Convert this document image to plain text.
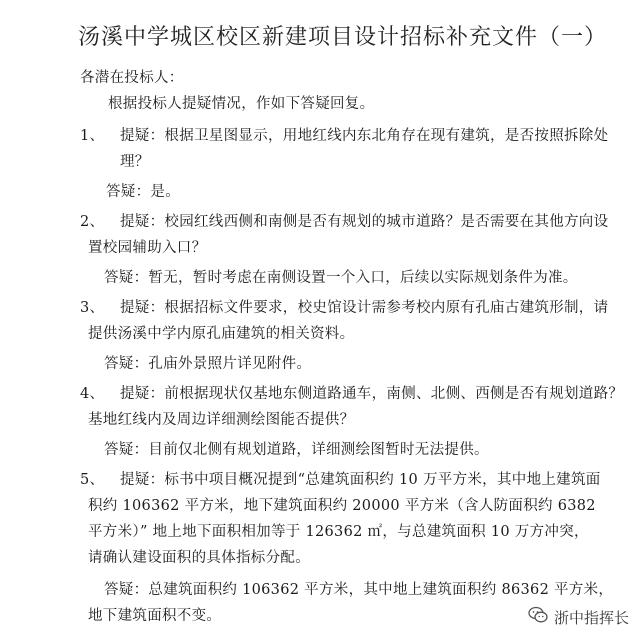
汤溪中学城区校区新建项目设计招标补充文件（一）
各潜在投标人：
根据投标人提疑情况，作如下答疑回复。
1、 提疑：根据卫星图显示，用地红线内东北角存在现有建筑，是否按照拆除处
理？
答疑：是。
2、 提疑：校园红线西侧和南侧是否有规划的城市道路？是否需要在其他方向设
置校园辅助入口？
答疑：暂无，暂时考虑在南侧设置一个入口，后续以实际规划条件为准。
3、 提疑：根据招标文件要求，校史馆设计需参考校内原有孔庙古建筑形制，请
提供汤溪中学内原孔庙建筑的相关资料。
答疑：孔庙外景照片详见附件。
4、 提疑：前根据现状仅基地东侧道路通车，南侧、北侧、西侧是否有规划道路？
基地红线内及周边详细测绘图能否提供？
答疑：目前仅北侧有规划道路，详细测绘图暂时无法提供。
5、 提疑：标书中项目概况提到“总建筑面积约 10 万平方米，其中地上建筑面
积约 106362 平方米，地下建筑面积约 20000 平方米（含人防面积约 6382
平方米）” 地上地下面积相加等于 126362 ㎡，与总建筑面积 10 万方冲突，
请确认建设面积的具体指标分配。
答疑：总建筑面积约 106362 平方米，其中地上建筑面积约 86362 平方米，
地下建筑面积不变。	浙中指挥长
